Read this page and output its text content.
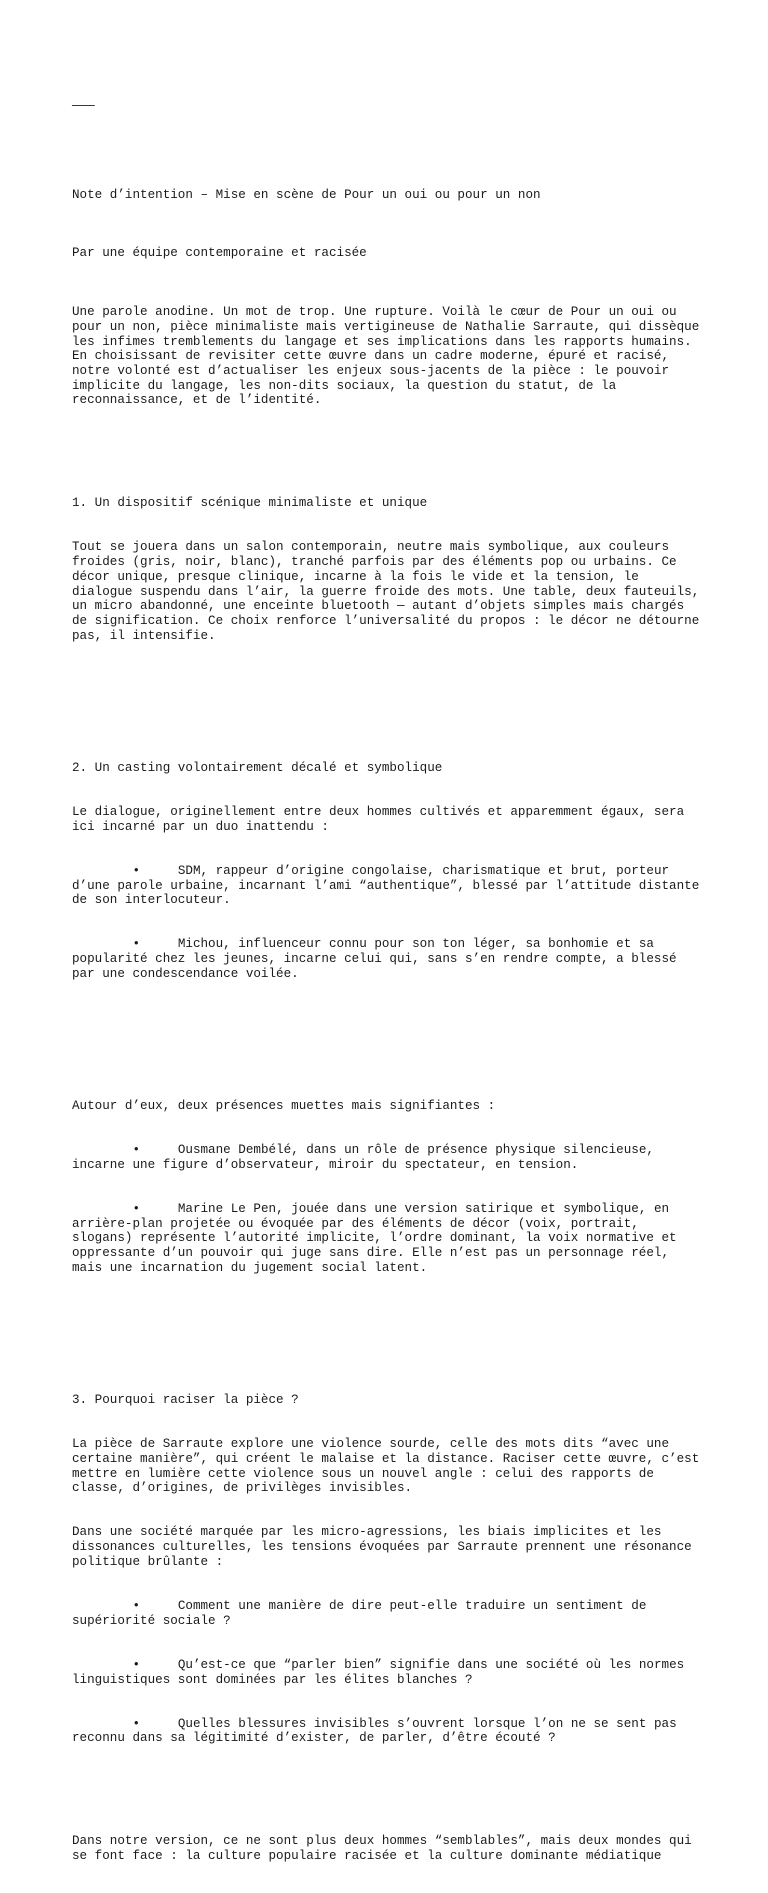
———

Note d’intention – Mise en scène de Pour un oui ou pour un non

Par une équipe contemporaine et racisée

Une parole anodine. Un mot de trop. Une rupture. Voilà le cœur de Pour un oui ou pour un non, pièce minimaliste mais vertigineuse de Nathalie Sarraute, qui dissèque les infimes tremblements du langage et ses implications dans les rapports humains. En choisissant de revisiter cette œuvre dans un cadre moderne, épuré et racisé, notre volonté est d’actualiser les enjeux sous-jacents de la pièce : le pouvoir implicite du langage, les non-dits sociaux, la question du statut, de la reconnaissance, et de l’identité.

1. Un dispositif scénique minimaliste et unique

Tout se jouera dans un salon contemporain, neutre mais symbolique, aux couleurs froides (gris, noir, blanc), tranché parfois par des éléments pop ou urbains. Ce décor unique, presque clinique, incarne à la fois le vide et la tension, le dialogue suspendu dans l’air, la guerre froide des mots. Une table, deux fauteuils, un micro abandonné, une enceinte bluetooth — autant d’objets simples mais chargés de signification. Ce choix renforce l’universalité du propos : le décor ne détourne pas, il intensifie.

2. Un casting volontairement décalé et symbolique

Le dialogue, originellement entre deux hommes cultivés et apparemment égaux, sera ici incarné par un duo inattendu :

•	SDM, rappeur d’origine congolaise, charismatique et brut, porteur d’une parole urbaine, incarnant l’ami “authentique”, blessé par l’attitude distante de son interlocuteur.

•	Michou, influenceur connu pour son ton léger, sa bonhomie et sa popularité chez les jeunes, incarne celui qui, sans s’en rendre compte, a blessé par une condescendance voilée.

Autour d’eux, deux présences muettes mais signifiantes :

•	Ousmane Dembélé, dans un rôle de présence physique silencieuse, incarne une figure d’observateur, miroir du spectateur, en tension.

•	Marine Le Pen, jouée dans une version satirique et symbolique, en arrière-plan projetée ou évoquée par des éléments de décor (voix, portrait, slogans) représente l’autorité implicite, l’ordre dominant, la voix normative et oppressante d’un pouvoir qui juge sans dire. Elle n’est pas un personnage réel, mais une incarnation du jugement social latent.

3. Pourquoi raciser la pièce ?

La pièce de Sarraute explore une violence sourde, celle des mots dits “avec une certaine manière”, qui créent le malaise et la distance. Raciser cette œuvre, c’est mettre en lumière cette violence sous un nouvel angle : celui des rapports de classe, d’origines, de privilèges invisibles.

Dans une société marquée par les micro-agressions, les biais implicites et les dissonances culturelles, les tensions évoquées par Sarraute prennent une résonance politique brûlante :

•	Comment une manière de dire peut-elle traduire un sentiment de supériorité sociale ?

•	Qu’est-ce que “parler bien” signifie dans une société où les normes linguistiques sont dominées par les élites blanches ?

•	Quelles blessures invisibles s’ouvrent lorsque l’on ne se sent pas reconnu dans sa légitimité d’exister, de parler, d’être écouté ?

Dans notre version, ce ne sont plus deux hommes “semblables”, mais deux mondes qui se font face : la culture populaire racisée et la culture dominante médiatique
